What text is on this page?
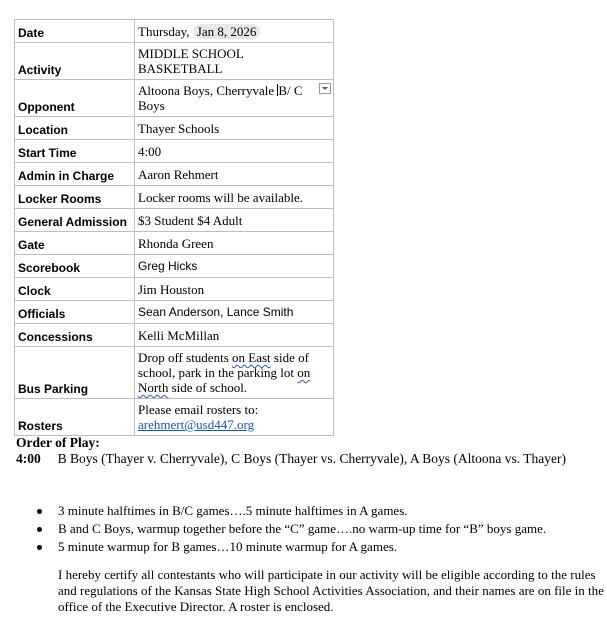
Date	Thursday, Jan 8, 2026
Activity	MIDDLE SCHOOL BASKETBALL
Opponent	Altoona Boys, Cherryvale B/ C
Boys

Location	Thayer Schools
Start Time	4:00
Admin in Charge	Aaron Rehmert
Locker Rooms	Locker rooms will be available.
General Admission	$3 Student $4 Adult
Gate	Rhonda Green
Scorebook	Greg Hicks
Clock	Jim Houston
Officials	Sean Anderson, Lance Smith
Concessions	Kelli McMillan
Bus Parking	Drop off students on East side of school, park in the parking lot on North side of school.
Rosters	Please email rosters to:
arehmert@usd447.org
Order of Play:
4:00 B Boys (Thayer v. Cherryvale), C Boys (Thayer vs. Cherryvale), A Boys (Altoona vs. Thayer)
3 minute halftimes in B/C games….5 minute halftimes in A games.
B and C Boys, warmup together before the “C” game….no warm-up time for “B” boys game.
5 minute warmup for B games…10 minute warmup for A games.
I hereby certify all contestants who will participate in our activity will be eligible according to the rules and regulations of the Kansas State High School Activities Association, and their names are on file in the office of the Executive Director. A roster is enclosed.
